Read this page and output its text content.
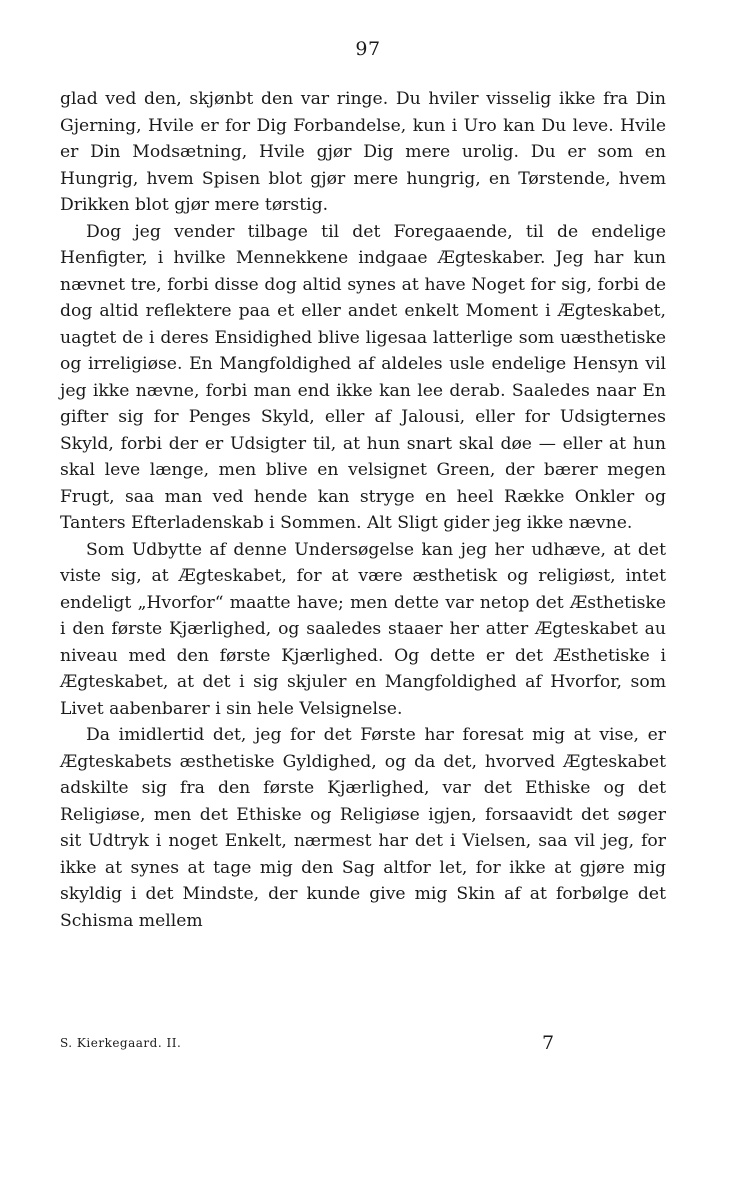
97

glad ved den, skjønbt den var ringe. Du hviler visselig ikke fra Din Gjerning, Hvile er for Dig Forbandelse, kun i Uro kan Du leve. Hvile er Din Modsætning, Hvile gjør Dig mere urolig. Du er som en Hungrig, hvem Spisen blot gjør mere hungrig, en Tørstende, hvem Drikken blot gjør mere tørstig.

Dog jeg vender tilbage til det Foregaaende, til de endelige Henfigter, i hvilke Mennekkene indgaae Ægteskaber. Jeg har kun nævnet tre, forbi disse dog altid synes at have Noget for sig, forbi de dog altid reflektere paa et eller andet enkelt Moment i Ægteskabet, uagtet de i deres Ensidighed blive ligesaa latterlige som uæsthetiske og irreligiøse. En Mangfoldighed af aldeles usle endelige Hensyn vil jeg ikke nævne, forbi man end ikke kan lee derab. Saaledes naar En gifter sig for Penges Skyld, eller af Jalousi, eller for Udsigternes Skyld, forbi der er Udsigter til, at hun snart skal døe — eller at hun skal leve længe, men blive en velsignet Green, der bærer megen Frugt, saa man ved hende kan stryge en heel Række Onkler og Tanters Efterladenskab i Sommen. Alt Sligt gider jeg ikke nævne.

Som Udbytte af denne Undersøgelse kan jeg her udhæve, at det viste sig, at Ægteskabet, for at være æsthetisk og religiøst, intet endeligt „Hvorfor“ maatte have; men dette var netop det Æsthetiske i den første Kjærlighed, og saaledes staaer her atter Ægteskabet au niveau med den første Kjærlighed. Og dette er det Æsthetiske i Ægteskabet, at det i sig skjuler en Mangfoldighed af Hvorfor, som Livet aabenbarer i sin hele Velsignelse.

Da imidlertid det, jeg for det Første har foresat mig at vise, er Ægteskabets æsthetiske Gyldighed, og da det, hvorved Ægteskabet adskilte sig fra den første Kjærlighed, var det Ethiske og det Religiøse, men det Ethiske og Religiøse igjen, forsaavidt det søger sit Udtryk i noget Enkelt, nærmest har det i Vielsen, saa vil jeg, for ikke at synes at tage mig den Sag altfor let, for ikke at gjøre mig skyldig i det Mindste, der kunde give mig Skin af at forbølge det Schisma mellem

S. Kierkegaard. II.	7
